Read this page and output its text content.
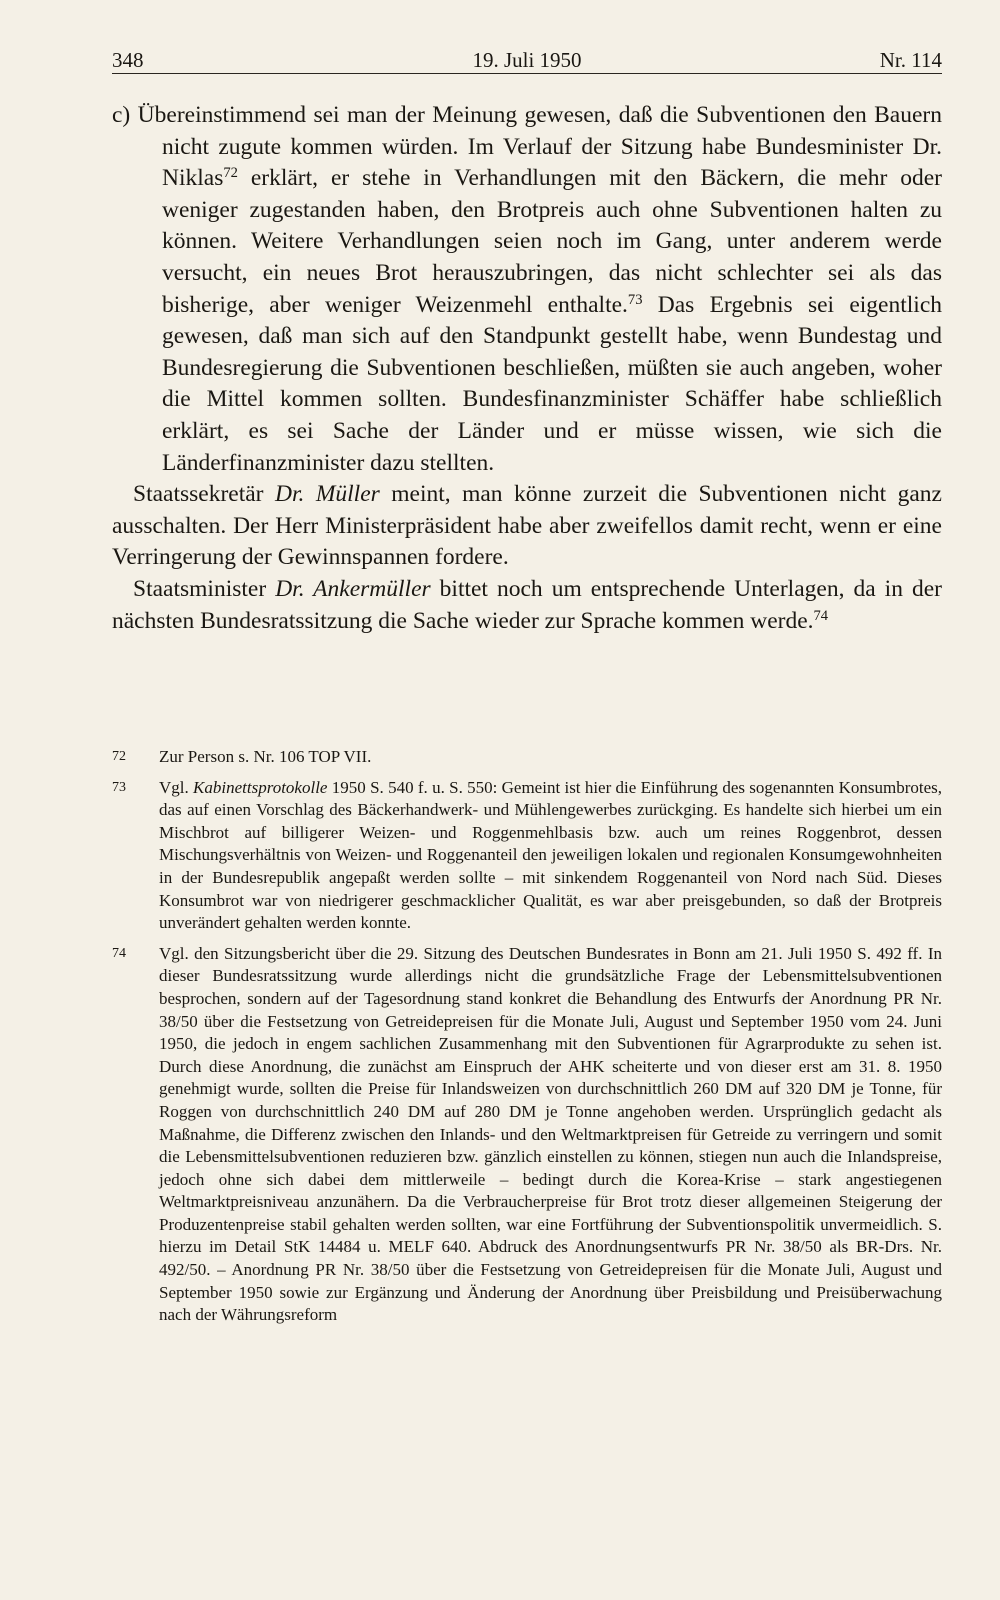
348	19. Juli 1950	Nr. 114

c) Übereinstimmend sei man der Meinung gewesen, daß die Subventionen den Bauern nicht zugute kommen würden. Im Verlauf der Sitzung habe Bundesminister Dr. Niklas$^{72}$ erklärt, er stehe in Verhandlungen mit den Bäckern, die mehr oder weniger zugestanden haben, den Brotpreis auch ohne Subventionen halten zu können. Weitere Verhandlungen seien noch im Gang, unter anderem werde versucht, ein neues Brot herauszubringen, das nicht schlechter sei als das bisherige, aber weniger Weizenmehl enthalte.$^{73}$ Das Ergebnis sei eigentlich gewesen, daß man sich auf den Standpunkt gestellt habe, wenn Bundestag und Bundesregierung die Subventionen beschließen, müßten sie auch angeben, woher die Mittel kommen sollten. Bundesfinanzminister Schäffer habe schließlich erklärt, es sei Sache der Länder und er müsse wissen, wie sich die Länderfinanzminister dazu stellten.

Staatssekretär Dr. Müller meint, man könne zurzeit die Subventionen nicht ganz ausschalten. Der Herr Ministerpräsident habe aber zweifellos damit recht, wenn er eine Verringerung der Gewinnspannen fordere.

Staatsminister Dr. Ankermüller bittet noch um entsprechende Unterlagen, da in der nächsten Bundesratssitzung die Sache wieder zur Sprache kommen werde.$^{74}$

72 Zur Person s. Nr. 106 TOP VII.
73 Vgl. Kabinettsprotokolle 1950 S. 540 f. u. S. 550: Gemeint ist hier die Einführung des sogenannten Konsumbrotes, das auf einen Vorschlag des Bäckerhandwerk- und Mühlengewerbes zurückging. Es handelte sich hierbei um ein Mischbrot auf billigerer Weizen- und Roggenmehlbasis bzw. auch um reines Roggenbrot, dessen Mischungsverhältnis von Weizen- und Roggenanteil den jeweiligen lokalen und regionalen Konsumgewohnheiten in der Bundesrepublik angepaßt werden sollte – mit sinkendem Roggenanteil von Nord nach Süd. Dieses Konsumbrot war von niedrigerer geschmacklicher Qualität, es war aber preisgebunden, so daß der Brotpreis unverändert gehalten werden konnte.
74 Vgl. den Sitzungsbericht über die 29. Sitzung des Deutschen Bundesrates in Bonn am 21. Juli 1950 S. 492 ff. In dieser Bundesratssitzung wurde allerdings nicht die grundsätzliche Frage der Lebensmittelsubventionen besprochen, sondern auf der Tagesordnung stand konkret die Behandlung des Entwurfs der Anordnung PR Nr. 38/50 über die Festsetzung von Getreidepreisen für die Monate Juli, August und September 1950 vom 24. Juni 1950, die jedoch in engem sachlichen Zusammenhang mit den Subventionen für Agrarprodukte zu sehen ist. Durch diese Anordnung, die zunächst am Einspruch der AHK scheiterte und von dieser erst am 31. 8. 1950 genehmigt wurde, sollten die Preise für Inlandsweizen von durchschnittlich 260 DM auf 320 DM je Tonne, für Roggen von durchschnittlich 240 DM auf 280 DM je Tonne angehoben werden. Ursprünglich gedacht als Maßnahme, die Differenz zwischen den Inlands- und den Weltmarktpreisen für Getreide zu verringern und somit die Lebensmittelsubventionen reduzieren bzw. gänzlich einstellen zu können, stiegen nun auch die Inlandspreise, jedoch ohne sich dabei dem mittlerweile – bedingt durch die Korea-Krise – stark angestiegenen Weltmarktpreisniveau anzunähern. Da die Verbraucherpreise für Brot trotz dieser allgemeinen Steigerung der Produzentenpreise stabil gehalten werden sollten, war eine Fortführung der Subventionspolitik unvermeidlich. S. hierzu im Detail StK 14484 u. MELF 640. Abdruck des Anordnungsentwurfs PR Nr. 38/50 als BR-Drs. Nr. 492/50. – Anordnung PR Nr. 38/50 über die Festsetzung von Getreidepreisen für die Monate Juli, August und September 1950 sowie zur Ergänzung und Änderung der Anordnung über Preisbildung und Preisüberwachung nach der Währungsreform
